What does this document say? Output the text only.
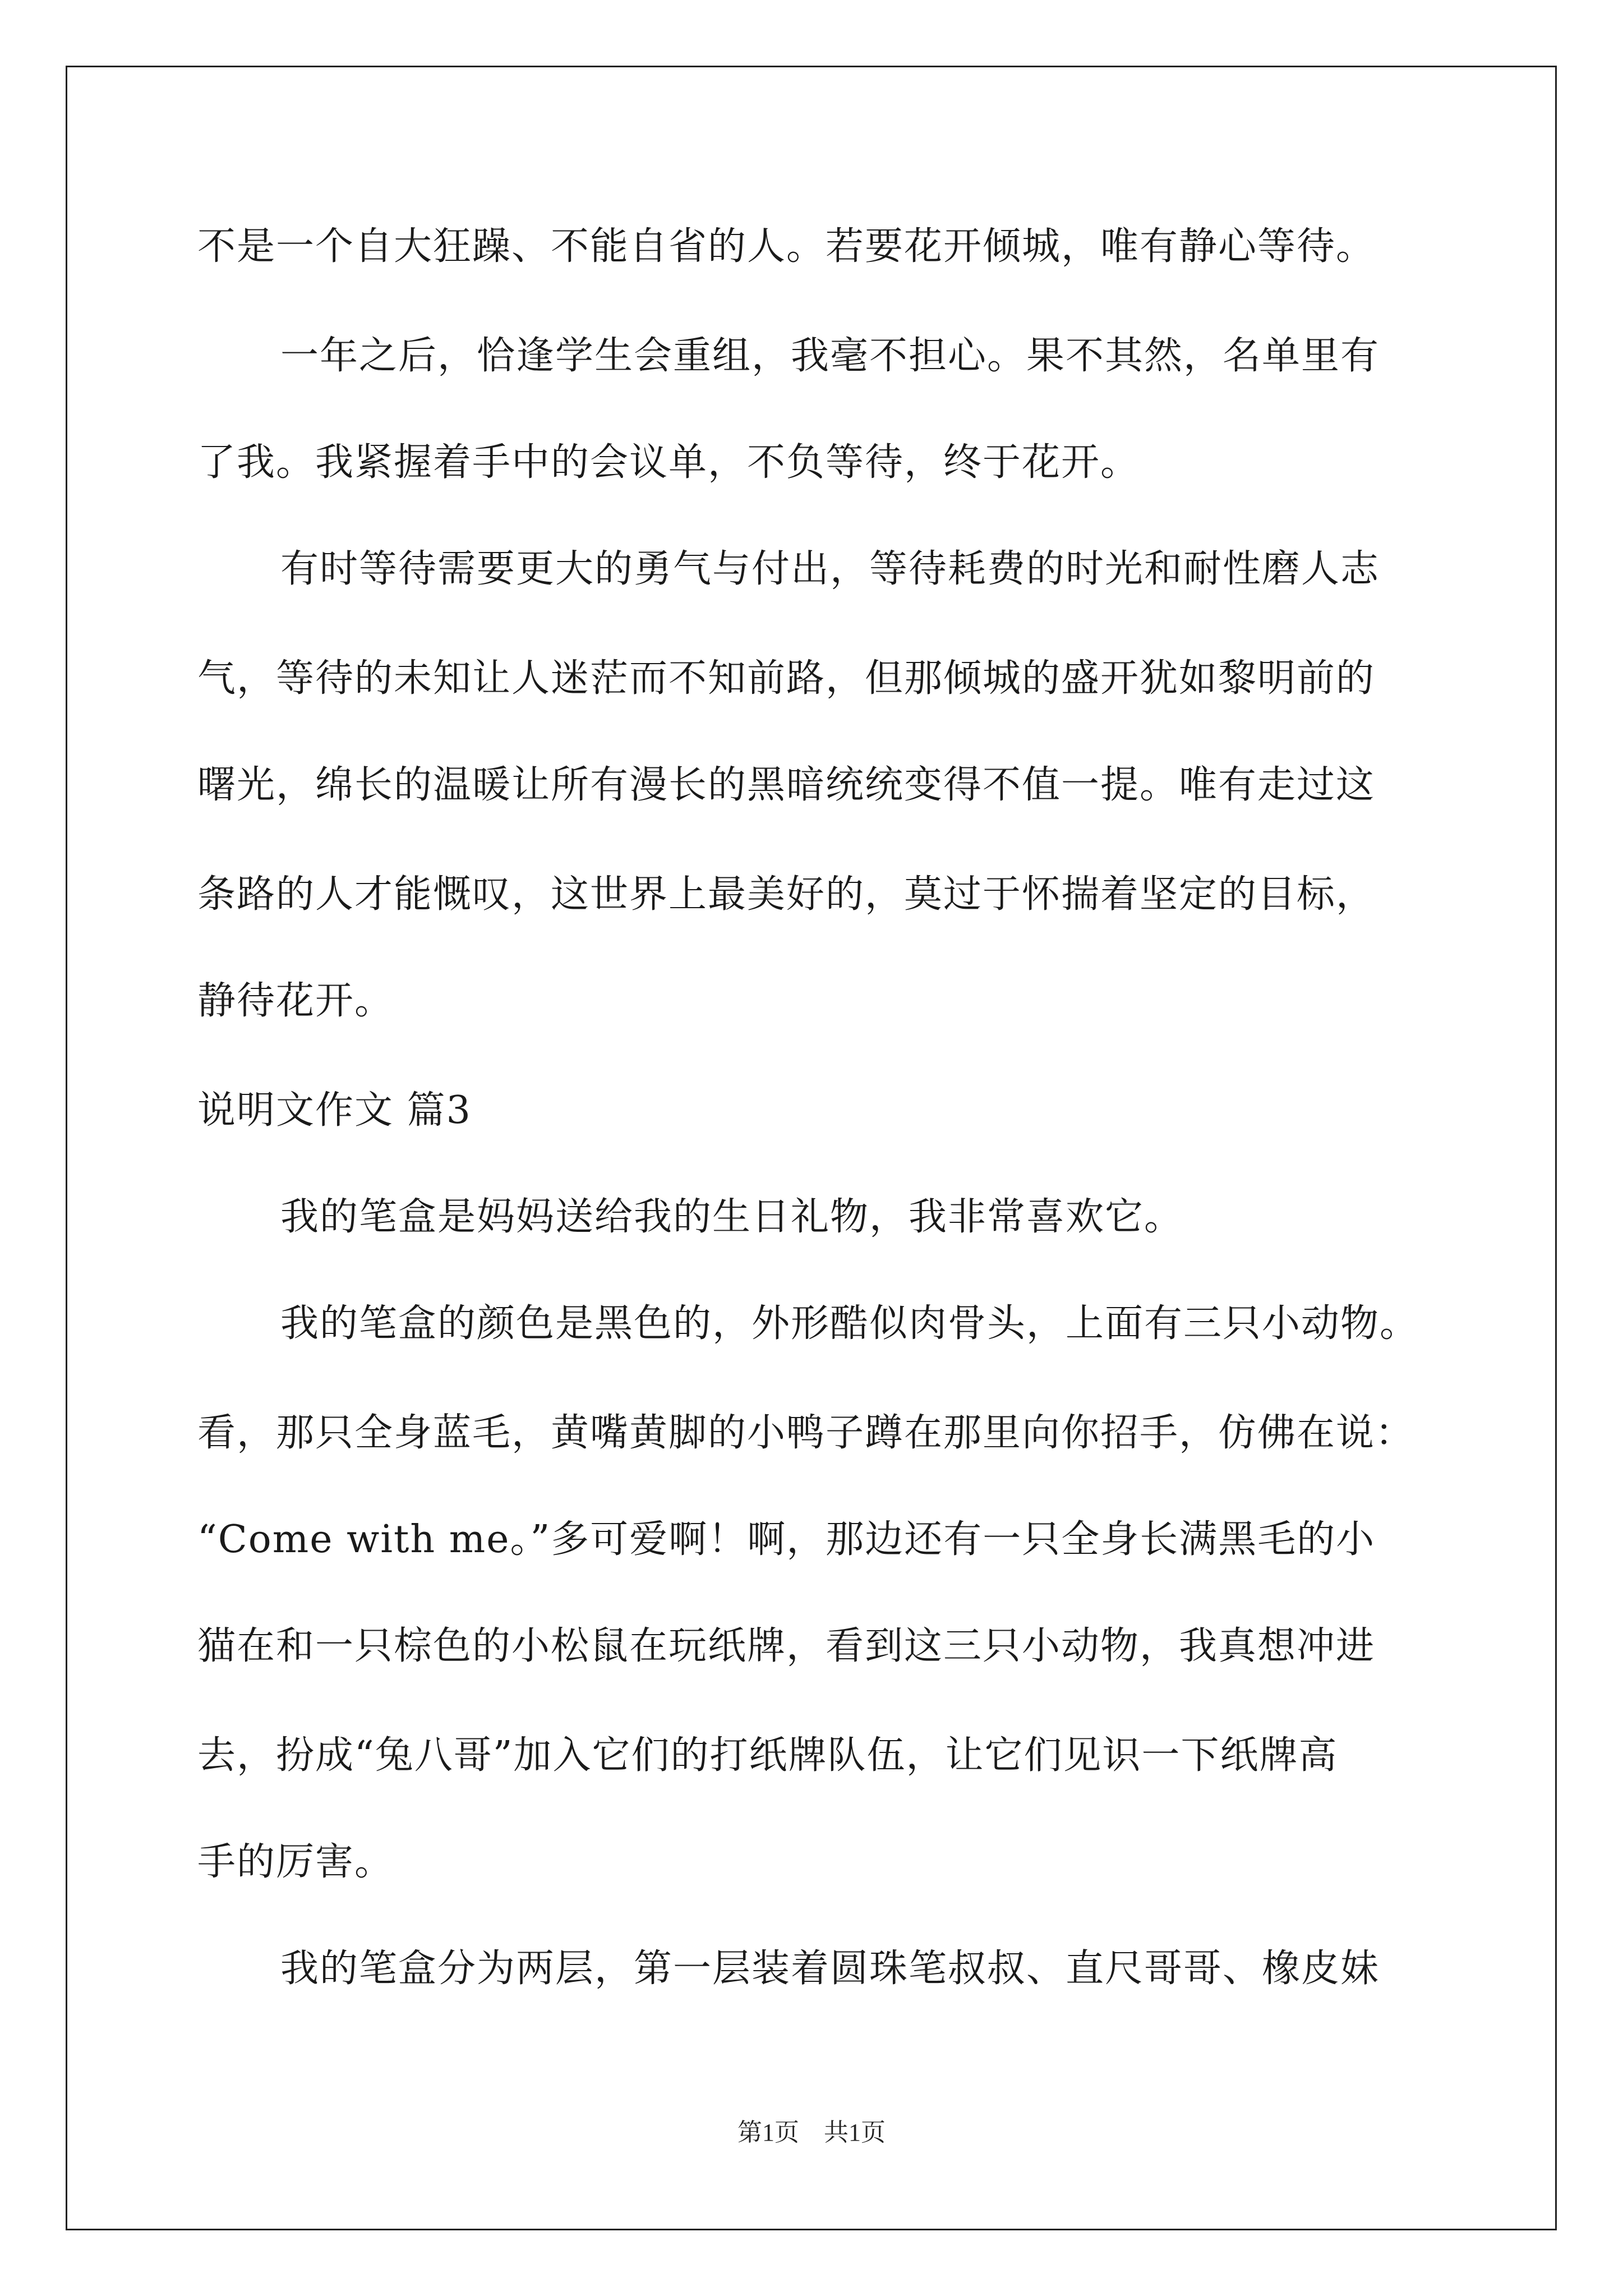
不是一个自大狂躁、不能自省的人。若要花开倾城，唯有静心等待。
一年之后，恰逢学生会重组，我毫不担心。果不其然，名单里有
了我。我紧握着手中的会议单，不负等待，终于花开。
有时等待需要更大的勇气与付出，等待耗费的时光和耐性磨人志
气，等待的未知让人迷茫而不知前路，但那倾城的盛开犹如黎明前的
曙光，绵长的温暖让所有漫长的黑暗统统变得不值一提。唯有走过这
条路的人才能慨叹，这世界上最美好的，莫过于怀揣着坚定的目标，
静待花开。
说明文作文 篇3
我的笔盒是妈妈送给我的生日礼物，我非常喜欢它。
我的笔盒的颜色是黑色的，外形酷似肉骨头，上面有三只小动物。
看，那只全身蓝毛，黄嘴黄脚的小鸭子蹲在那里向你招手，仿佛在说：
“Come with me。”多可爱啊！啊，那边还有一只全身长满黑毛的小
猫在和一只棕色的小松鼠在玩纸牌，看到这三只小动物，我真想冲进
去，扮成“兔八哥”加入它们的打纸牌队伍，让它们见识一下纸牌高
手的厉害。
我的笔盒分为两层，第一层装着圆珠笔叔叔、直尺哥哥、橡皮妹
第1页　共1页
